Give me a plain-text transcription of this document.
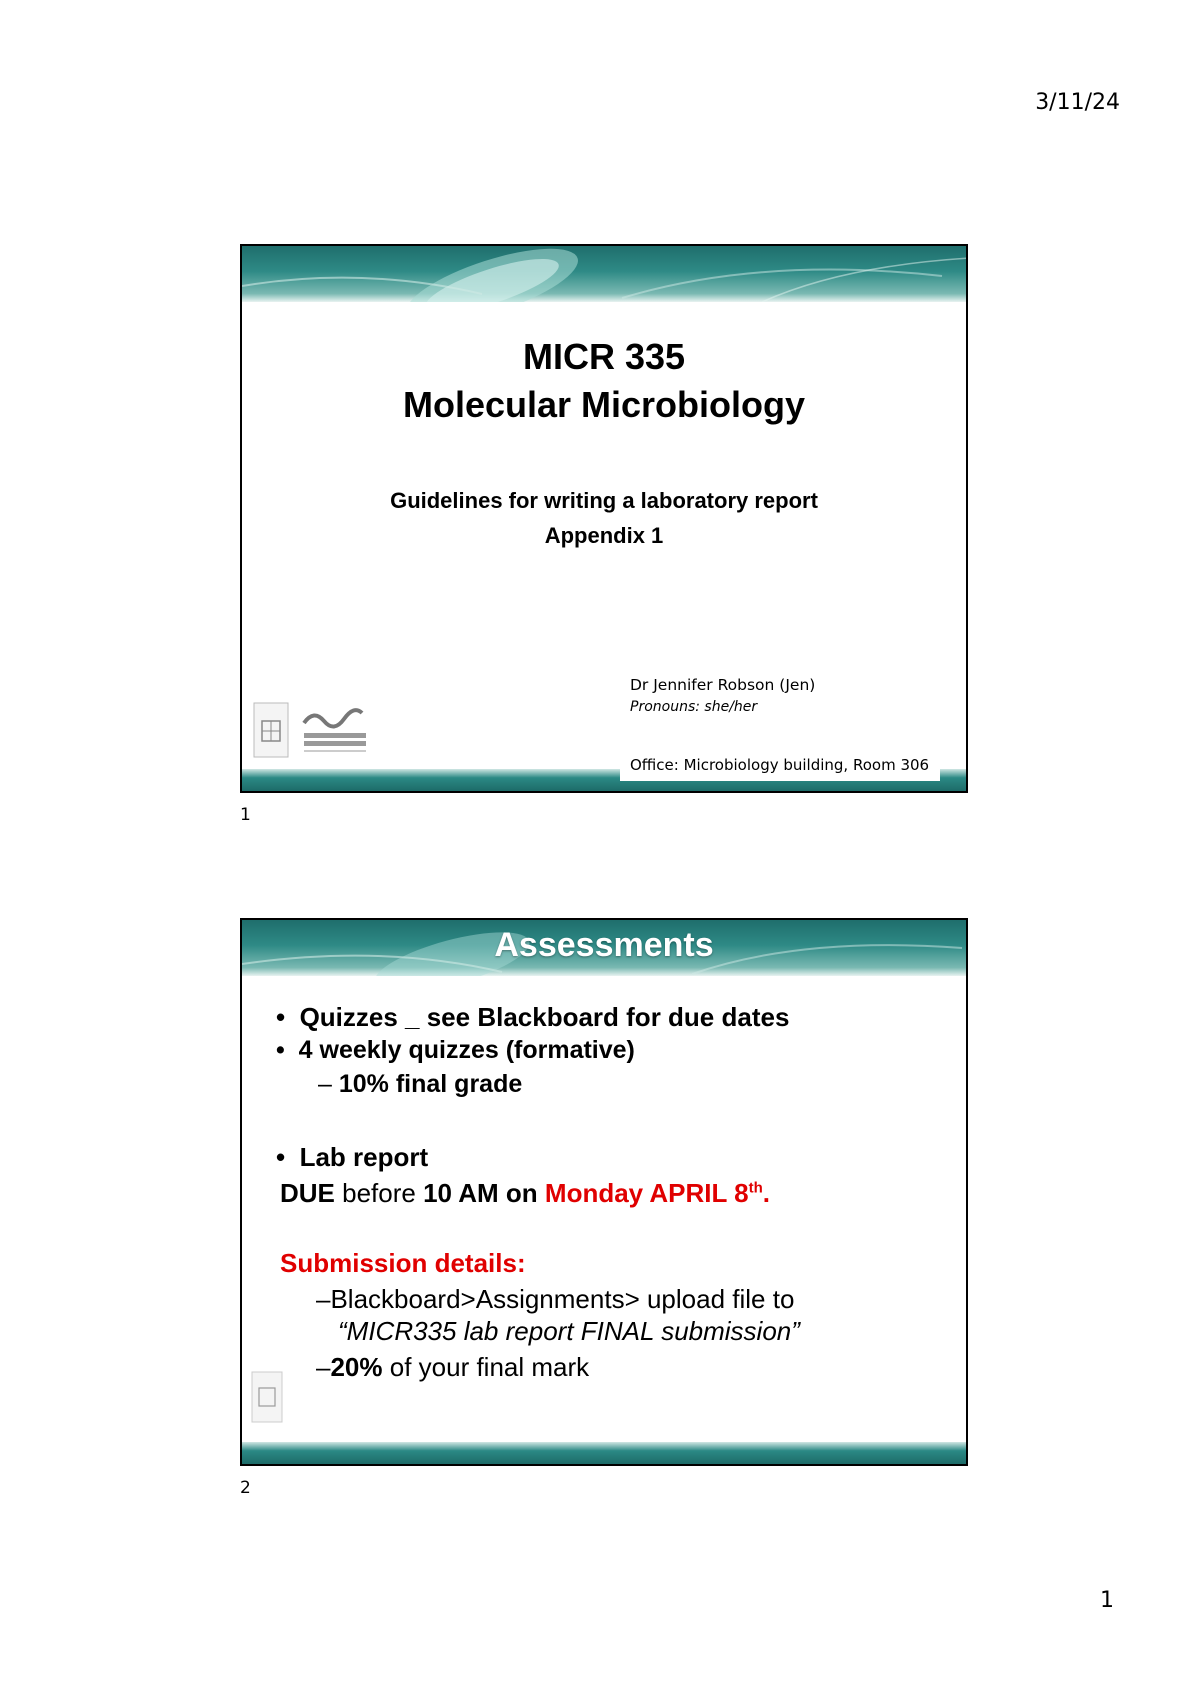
3/11/24
MICR 335
Molecular Microbiology
Guidelines for writing a laboratory report
Appendix 1
Dr Jennifer Robson (Jen)
Pronouns: she/her
Office: Microbiology building, Room 306
1
Assessments
•  Quizzes _ see Blackboard for due dates
•  4 weekly quizzes (formative)
– 10% final grade
•  Lab report
DUE before 10 AM on Monday APRIL 8th.
Submission details:
–Blackboard>Assignments> upload file to
“MICR335 lab report FINAL submission”
–20% of your final mark
2
1
